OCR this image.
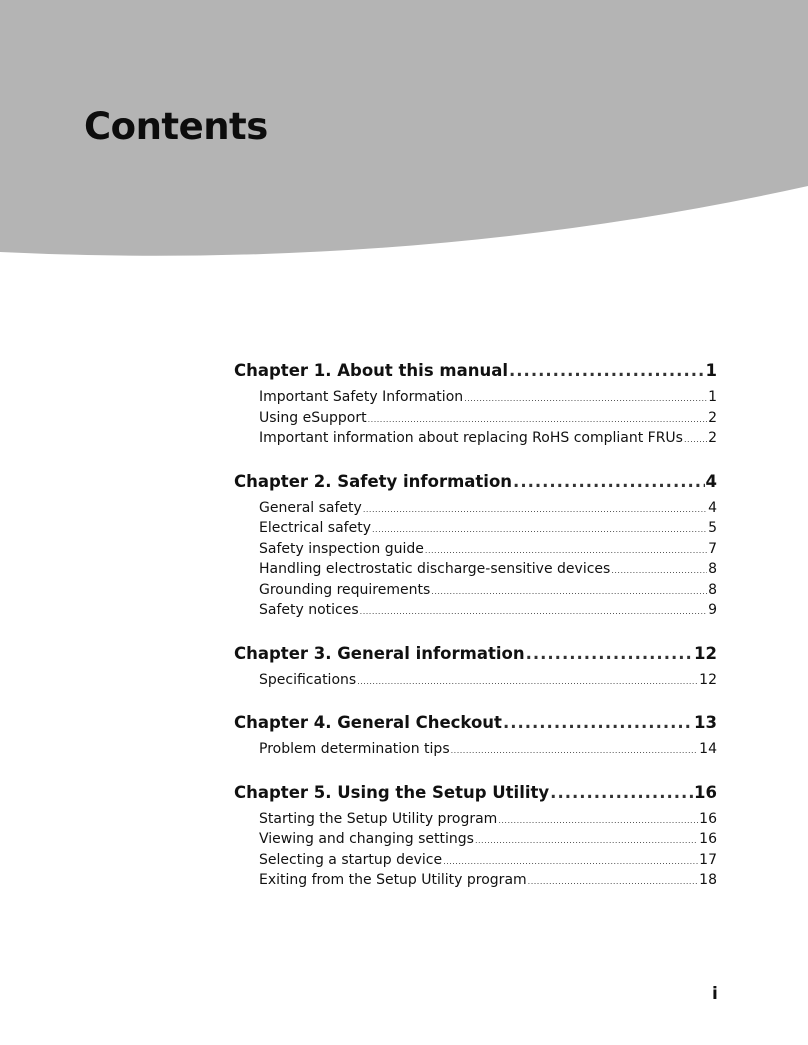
Contents
Chapter 1. About this manual .....	1
Important Safety Information .....	1
Using eSupport .....	2
Important information about replacing RoHS compliant FRUs ..... 2
Chapter 2. Safety information .....	4
General safety .....	4
Electrical safety .....	5
Safety inspection guide .....	7
Handling electrostatic discharge-sensitive devices .....	8
Grounding requirements .....	8
Safety notices .....	9
Chapter 3. General information .....	12
Specifications .....	12
Chapter 4. General Checkout .....	13
Problem determination tips .....	14
Chapter 5. Using the Setup Utility .....	16
Starting the Setup Utility program .....	16
Viewing and changing settings .....	16
Selecting a startup device .....	17
Exiting from the Setup Utility program .....	18
i
